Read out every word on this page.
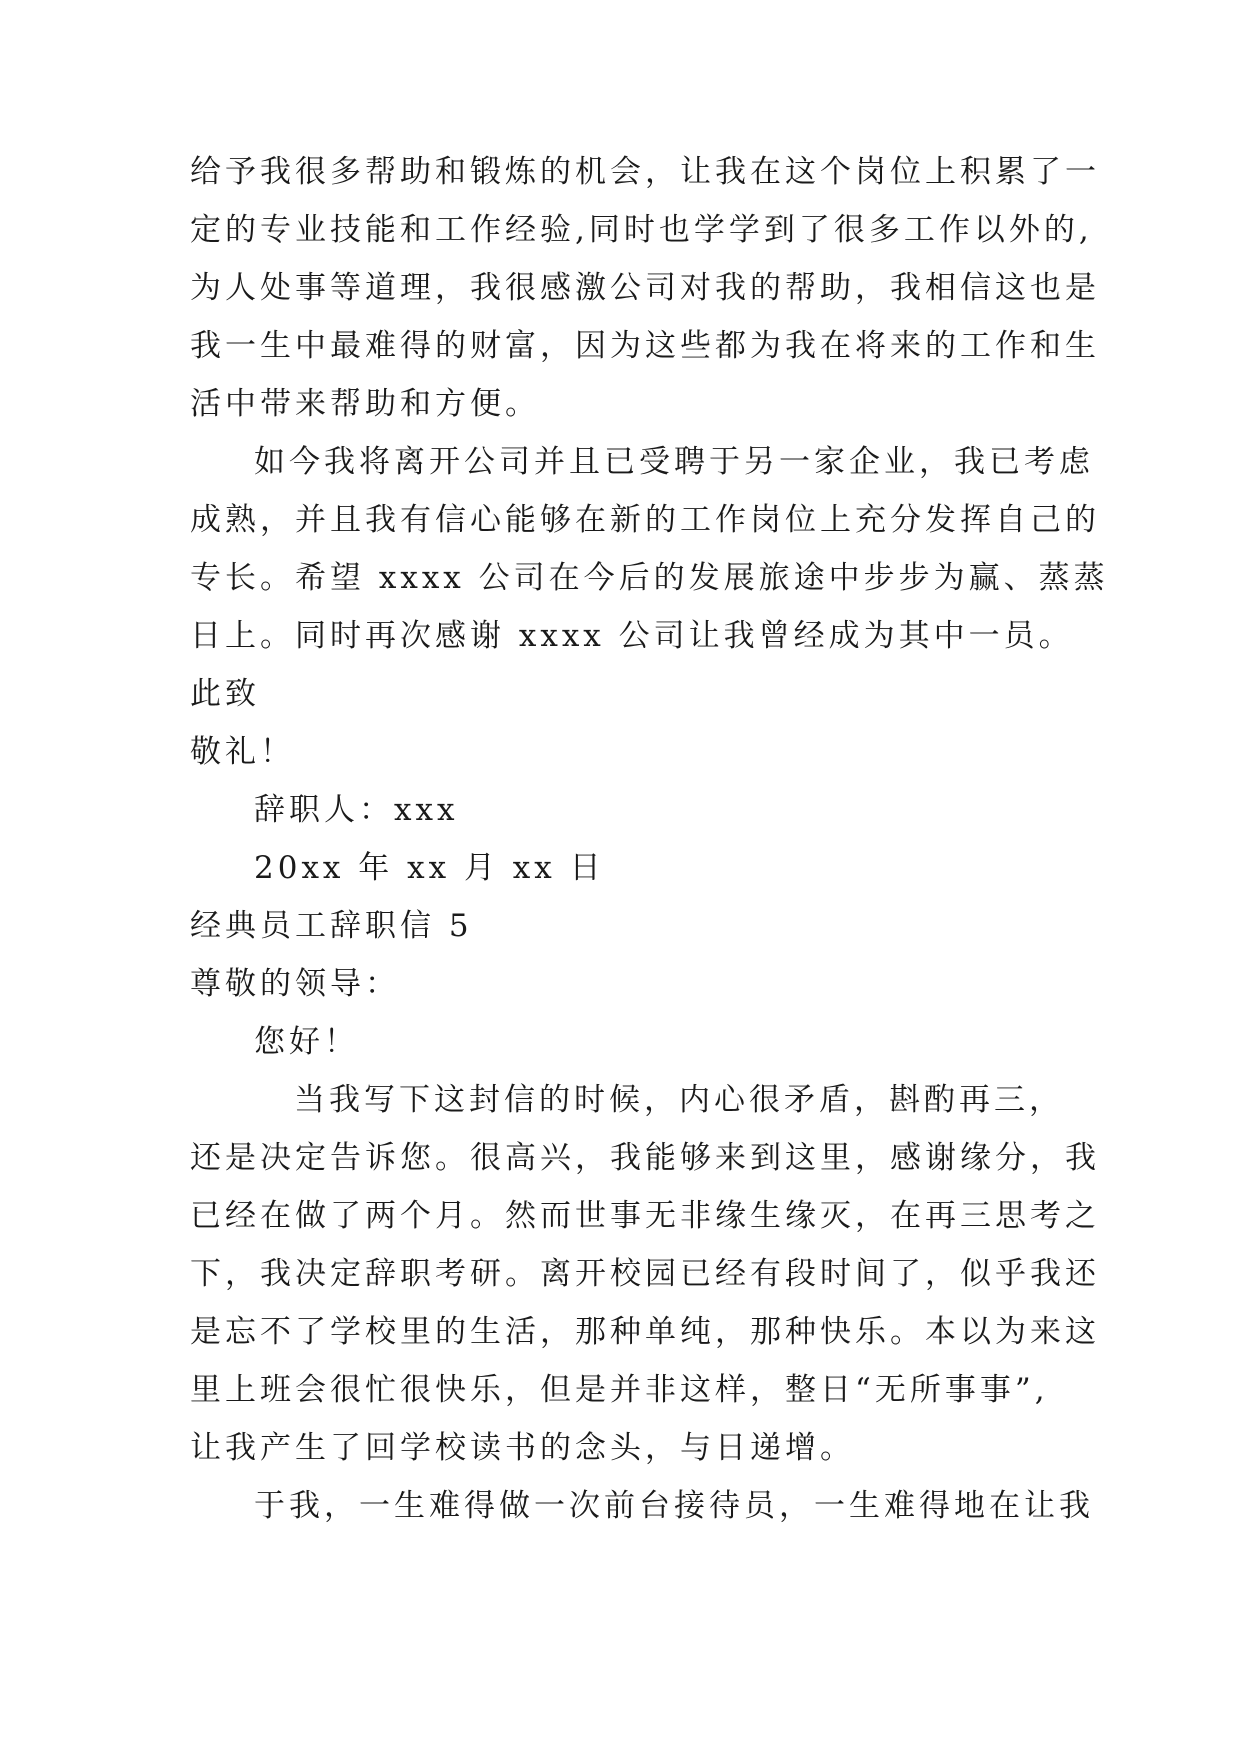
给予我很多帮助和锻炼的机会，让我在这个岗位上积累了一
定的专业技能和工作经验,同时也学学到了很多工作以外的,
为人处事等道理，我很感激公司对我的帮助，我相信这也是
我一生中最难得的财富，因为这些都为我在将来的工作和生
活中带来帮助和方便。
如今我将离开公司并且已受聘于另一家企业，我已考虑
成熟，并且我有信心能够在新的工作岗位上充分发挥自己的
专长。希望 xxxx 公司在今后的发展旅途中步步为赢、蒸蒸
日上。同时再次感谢 xxxx 公司让我曾经成为其中一员。
此致
敬礼！
辞职人：xxx
20xx 年 xx 月 xx 日
经典员工辞职信 5
尊敬的领导：
您好！
当我写下这封信的时候，内心很矛盾，斟酌再三，
还是决定告诉您。很高兴，我能够来到这里，感谢缘分，我
已经在做了两个月。然而世事无非缘生缘灭，在再三思考之
下，我决定辞职考研。离开校园已经有段时间了，似乎我还
是忘不了学校里的生活，那种单纯，那种快乐。本以为来这
里上班会很忙很快乐，但是并非这样，整日“无所事事”,
让我产生了回学校读书的念头，与日递增。
于我，一生难得做一次前台接待员，一生难得地在让我
